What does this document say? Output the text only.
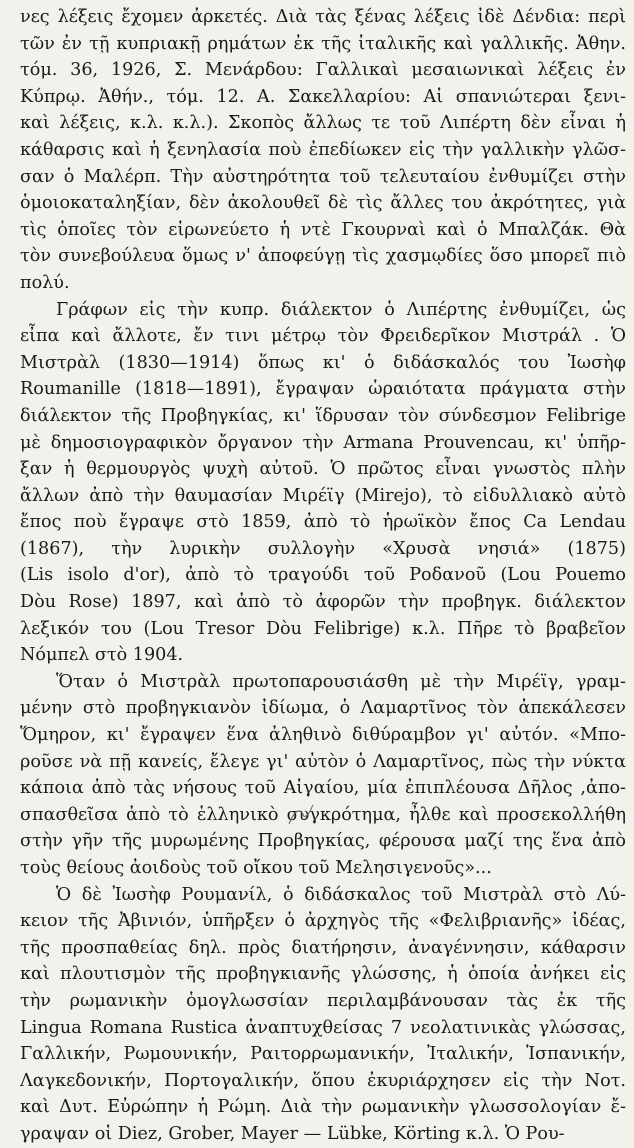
νες λέξεις ἔχομεν ἀρκετές. Διὰ τὰς ξένας λέξεις ἰδὲ Δένδια: περὶ
τῶν ἐν τῇ κυπριακῇ ρημάτων ἐκ τῆς ἰταλικῆς καὶ γαλλικῆς. Ἀθην.
τόμ. 36, 1926, Σ. Μενάρδου: Γαλλικαὶ μεσαιωνικαὶ λέξεις ἐν
Κύπρῳ. Ἀθήν., τόμ. 12. Α. Σακελλαρίου: Αἱ σπανιώτεραι ξενι-
καὶ λέξεις, κ.λ. κ.λ.). Σκοπὸς ἄλλως τε τοῦ Λιπέρτη δὲν εἶναι ἡ
κάθαρσις καὶ ἡ ξενηλασία ποὺ ἐπεδίωκεν εἰς τὴν γαλλικὴν γλῶσ-
σαν ὁ Μαλέρπ. Τὴν αὐστηρότητα τοῦ τελευταίου ἐνθυμίζει στὴν
ὁμοιοκαταληξίαν, δὲν ἀκολουθεῖ δὲ τὶς ἄλλες του ἀκρότητες, γιὰ
τὶς ὁποῖες τὸν εἰρωνεύετο ἡ ντὲ Γκουρναὶ καὶ ὁ Μπαλζάκ. Θὰ
τὸν συνεβούλευα ὅμως ν' ἀποφεύγῃ τὶς χασμῳδίες ὅσο μπορεῖ πιὸ
πολύ.
Γράφων εἰς τὴν κυπρ. διάλεκτον ὁ Λιπέρτης ἐνθυμίζει, ὡς
εἶπα καὶ ἄλλοτε, ἔν τινι μέτρῳ τὸν Φρειδερῖκον Μιστράλ . Ὁ
Μιστρὰλ (1830—1914) ὅπως κι' ὁ διδάσκαλός του Ἰωσὴφ
Roumanille (1818—1891), ἔγραψαν ὡραιότατα πράγματα στὴν
διάλεκτον τῆς Προβηγκίας, κι' ἵδρυσαν τὸν σύνδεσμον Felibrige
μὲ δημοσιογραφικὸν ὄργανον τὴν Armana Prouvencau, κι' ὑπῆρ-
ξαν ἡ θερμουργὸς ψυχὴ αὐτοῦ. Ὁ πρῶτος εἶναι γνωστὸς πλὴν
ἄλλων ἀπὸ τὴν θαυμασίαν Μιρέϊγ (Mirejo), τὸ εἰδυλλιακὸ αὐτὸ
ἔπος ποὺ ἔγραψε στὸ 1859, ἀπὸ τὸ ἡρωϊκὸν ἔπος Ca Lendau
(1867), τὴν λυρικὴν συλλογὴν «Χρυσὰ νησιά» (1875)
(Lis isolo d'or), ἀπὸ τὸ τραγούδι τοῦ Ροδανοῦ (Lou Pouemo
Dòu Rose) 1897, καὶ ἀπὸ τὸ ἀφορῶν τὴν προβηγκ. διάλεκτον
λεξικόν του (Lou Tresor Dòu Felibrige) κ.λ. Πῆρε τὸ βραβεῖον
Νόμπελ στὸ 1904.
Ὅταν ὁ Μιστρὰλ πρωτοπαρουσιάσθη μὲ τὴν Μιρέϊγ, γραμ-
μένην στὸ προβηγκιανὸν ἰδίωμα, ὁ Λαμαρτῖνος τὸν ἀπεκάλεσεν
Ὅμηρον, κι' ἔγραψεν ἕνα ἀληθινὸ διθύραμβον γι' αὐτόν. «Μπο-
ροῦσε νὰ πῇ κανείς, ἔλεγε γι' αὐτὸν ὁ Λαμαρτῖνος, πὼς τὴν νύκτα
κάποια ἀπὸ τὰς νήσους τοῦ Αἰγαίου, μία ἐπιπλέουσα Δῆλος ,ἀπο-
σπασθεῖσα ἀπὸ τὸ ἑλληνικὸ συγκρότημα, ἦλθε καὶ προσεκολλήθη
στὴν γῆν τῆς μυρωμένης Προβηγκίας, φέρουσα μαζί της ἕνα ἀπὸ
τοὺς θείους ἀοιδοὺς τοῦ οἴκου τοῦ Μελησιγενοῦς»...
Ὁ δὲ Ἰωσὴφ Ρουμανίλ, ὁ διδάσκαλος τοῦ Μιστρὰλ στὸ Λύ-
κειον τῆς Ἀβινιόν, ὑπῆρξεν ὁ ἀρχηγὸς τῆς «Φελιβριανῆς» ἰδέας,
τῆς προσπαθείας δηλ. πρὸς διατήρησιν, ἀναγέννησιν, κάθαρσιν
καὶ πλουτισμὸν τῆς προβηγκιανῆς γλώσσης, ἡ ὁποία ἀνήκει εἰς
τὴν ρωμανικὴν ὁμογλωσσίαν περιλαμβάνουσαν τὰς ἐκ τῆς
Lingua Romana Rustica ἀναπτυχθείσας 7 νεολατινικὰς γλώσσας,
Γαλλικήν, Ρωμουνικήν, Ραιτορρωμανικήν, Ἰταλικήν, Ἱσπανικήν,
Λαγκεδονικήν, Πορτογαλικήν, ὅπου ἐκυριάρχησεν εἰς τὴν Νοτ.
καὶ Δυτ. Εὐρώπην ἡ Ρώμη. Διὰ τὴν ρωμανικὴν γλωσσολογίαν ἔ-
γραψαν οἱ Diez, Grober, Mayer — Lübke, Körting κ.λ. Ὁ Ρου-
